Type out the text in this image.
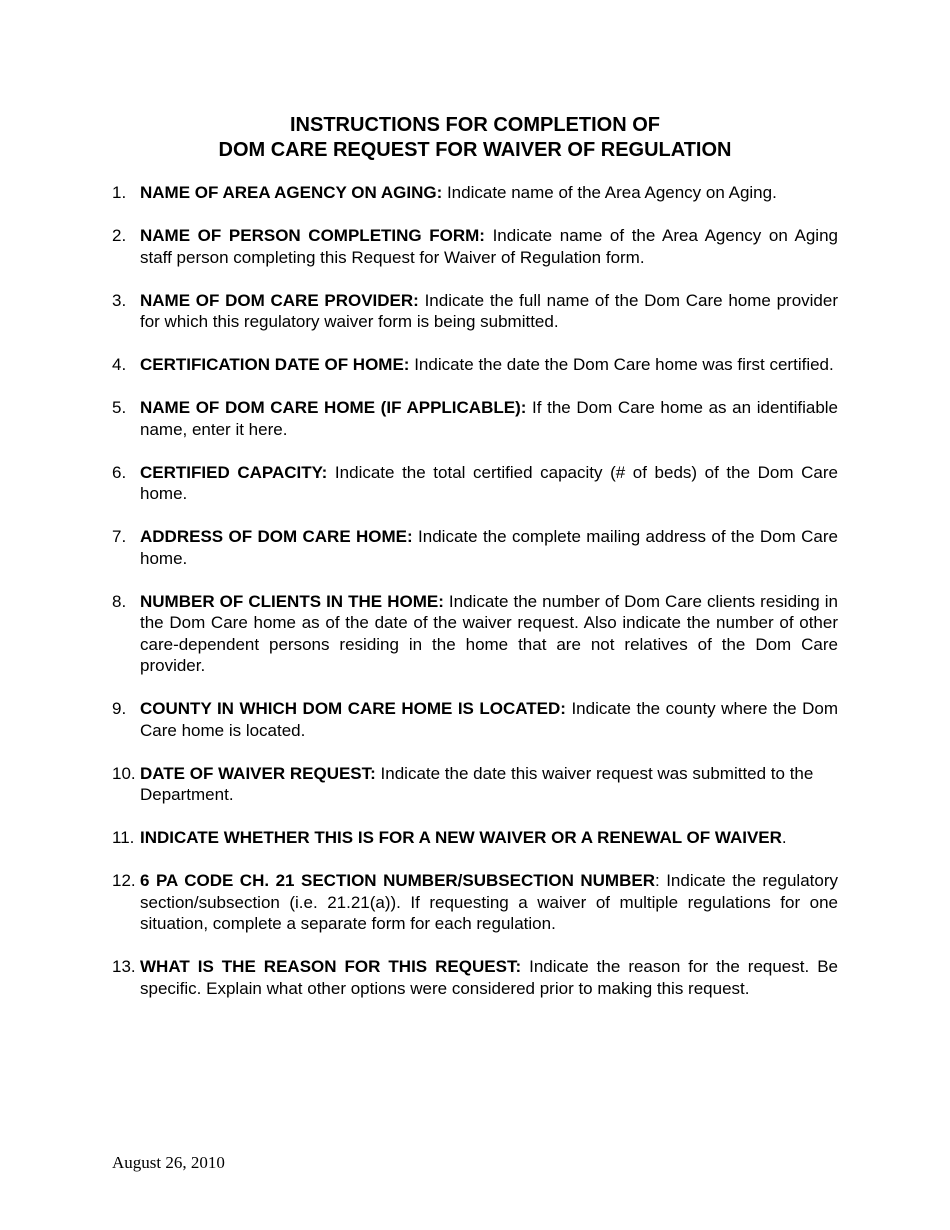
INSTRUCTIONS FOR COMPLETION OF
DOM CARE REQUEST FOR WAIVER OF REGULATION
1. NAME OF AREA AGENCY ON AGING: Indicate name of the Area Agency on Aging.
2. NAME OF PERSON COMPLETING FORM: Indicate name of the Area Agency on Aging staff person completing this Request for Waiver of Regulation form.
3. NAME OF DOM CARE PROVIDER: Indicate the full name of the Dom Care home provider for which this regulatory waiver form is being submitted.
4. CERTIFICATION DATE OF HOME: Indicate the date the Dom Care home was first certified.
5. NAME OF DOM CARE HOME (IF APPLICABLE): If the Dom Care home as an identifiable name, enter it here.
6. CERTIFIED CAPACITY: Indicate the total certified capacity (# of beds) of the Dom Care home.
7. ADDRESS OF DOM CARE HOME: Indicate the complete mailing address of the Dom Care home.
8. NUMBER OF CLIENTS IN THE HOME: Indicate the number of Dom Care clients residing in the Dom Care home as of the date of the waiver request. Also indicate the number of other care-dependent persons residing in the home that are not relatives of the Dom Care provider.
9. COUNTY IN WHICH DOM CARE HOME IS LOCATED: Indicate the county where the Dom Care home is located.
10. DATE OF WAIVER REQUEST: Indicate the date this waiver request was submitted to the Department.
11. INDICATE WHETHER THIS IS FOR A NEW WAIVER OR A RENEWAL OF WAIVER.
12. 6 PA CODE CH. 21 SECTION NUMBER/SUBSECTION NUMBER: Indicate the regulatory section/subsection (i.e. 21.21(a)). If requesting a waiver of multiple regulations for one situation, complete a separate form for each regulation.
13. WHAT IS THE REASON FOR THIS REQUEST: Indicate the reason for the request. Be specific. Explain what other options were considered prior to making this request.
August 26, 2010
